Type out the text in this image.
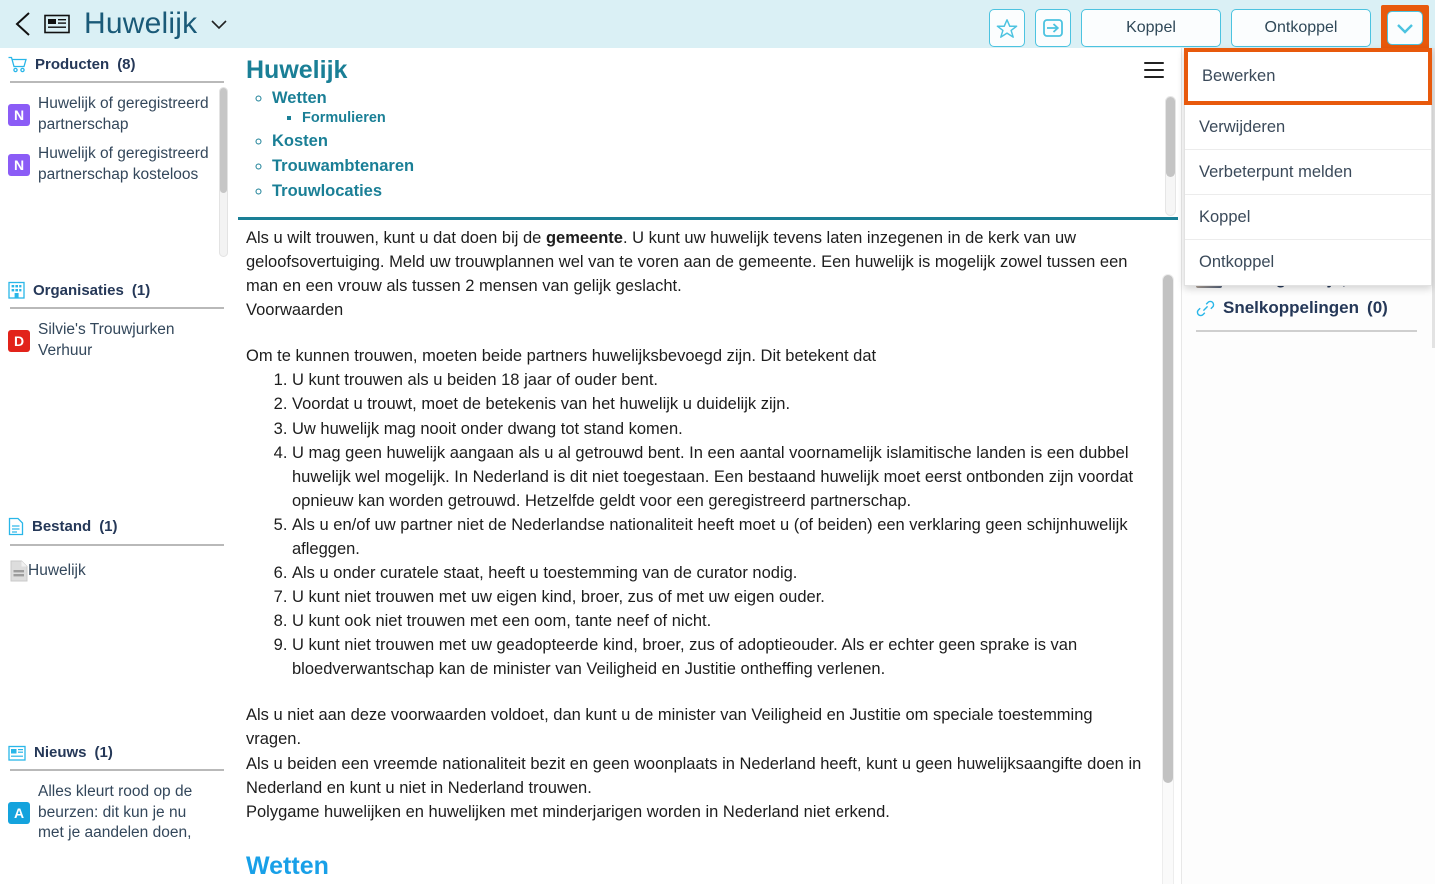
Huwelijk	Koppel	Ontkoppel
Producten (8)
N
Huwelijk of geregistreerd partnerschap
N
Huwelijk of geregistreerd partnerschap kosteloos
Organisaties (1)
D
Silvie's Trouwjurken Verhuur
Bestand (1)
Huwelijk
Nieuws (1)
A
Alles kleurt rood op de beurzen: dit kun je nu met je aandelen doen,
Huwelijk
◦ Wetten
▪ Formulieren
◦ Kosten
◦ Trouwambtenaren
◦ Trouwlocaties

Als u wilt trouwen, kunt u dat doen bij de gemeente. U kunt uw huwelijk tevens laten inzegenen in de kerk van uw geloofsovertuiging. Meld uw trouwplannen wel van te voren aan de gemeente. Een huwelijk is mogelijk zowel tussen een man en een vrouw als tussen 2 mensen van gelijk geslacht.

Voorwaarden

Om te kunnen trouwen, moeten beide partners huwelijksbevoegd zijn. Dit betekent dat

1. U kunt trouwen als u beiden 18 jaar of ouder bent.
2. Voordat u trouwt, moet de betekenis van het huwelijk u duidelijk zijn.
3. Uw huwelijk mag nooit onder dwang tot stand komen.
4. U mag geen huwelijk aangaan als u al getrouwd bent. In een aantal voornamelijk islamitische landen is een dubbel huwelijk wel mogelijk. In Nederland is dit niet toegestaan. Een bestaand huwelijk moet eerst ontbonden zijn voordat opnieuw kan worden getrouwd. Hetzelfde geldt voor een geregistreerd partnerschap.
5. Als u en/of uw partner niet de Nederlandse nationaliteit heeft moet u (of beiden) een verklaring geen schijnhuwelijk afleggen.
6. Als u onder curatele staat, heeft u toestemming van de curator nodig.
7. U kunt niet trouwen met uw eigen kind, broer, zus of met uw eigen ouder.
8. U kunt ook niet trouwen met een oom, tante neef of nicht.
9. U kunt niet trouwen met uw geadopteerde kind, broer, zus of adoptieouder. Als er echter geen sprake is van bloedverwantschap kan de minister van Veiligheid en Justitie ontheffing verlenen.

Als u niet aan deze voorwaarden voldoet, dan kunt u de minister van Veiligheid en Justitie om speciale toestemming vragen.

Als u beiden een vreemde nationaliteit bezit en geen woonplaats in Nederland heeft, kunt u geen huwelijksaangifte doen in Nederland en kunt u niet in Nederland trouwen.

Polygame huwelijken en huwelijken met minderjarigen worden in Nederland niet erkend.

Wetten
Snelkoppelingen (0)
Bewerken
Verwijderen
Verbeterpunt melden
Koppel
Ontkoppel
